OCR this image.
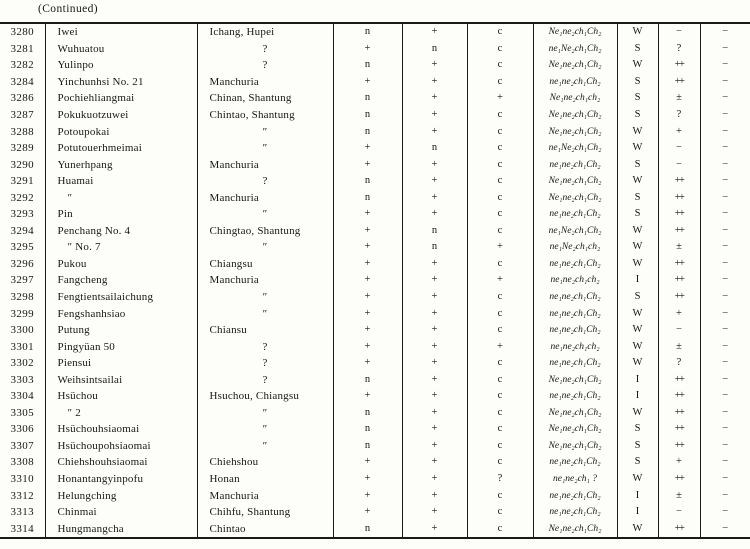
(Continued)
3280	Iwei	Ichang, Hupei	n	+	c	Ne₁ne₂ch₁Ch₂	W	−	−
3281	Wuhuatou	?	+	n	c	ne₁Ne₂ch₁Ch₂	S	?	−
3282	Yulinpo	?	n	+	c	Ne₁ne₂ch₁Ch₂	W	++	−
3284	Yinchunhsi No. 21	Manchuria	+	+	c	ne₁ne₂ch₁Ch₂	S	++	−
3286	Pochiehliangmai	Chinan, Shantung	n	+	+	Ne₁ne₂ch₁ch₂	S	±	−
3287	Pokukuotzuwei	Chintao, Shantung	n	+	c	Ne₁ne₂ch₁Ch₂	S	?	−
3288	Potoupokai	″	n	+	c	Ne₁ne₂ch₁Ch₂	W	+	−
3289	Potutouerhmeimai	″	+	n	c	ne₁Ne₂ch₁Ch₂	W	−	−
3290	Yunerhpang	Manchuria	+	+	c	ne₁ne₂ch₁Ch₂	S	−	−
3291	Huamai	?	n	+	c	Ne₁ne₂ch₁Ch₂	W	++	−
3292	″	Manchuria	n	+	c	Ne₁ne₂ch₁Ch₂	S	++	−
3293	Pin	″	+	+	c	ne₁ne₂ch₁Ch₂	S	++	−
3294	Penchang No. 4	Chingtao, Shantung	+	n	c	ne₁Ne₂ch₁Ch₂	W	++	−
3295	″ No. 7	″	+	n	+	ne₁Ne₂ch₁ch₂	W	±	−
3296	Pukou	Chiangsu	+	+	c	ne₁ne₂ch₁Ch₂	W	++	−
3297	Fangcheng	Manchuria	+	+	+	ne₁ne₂ch₁ch₂	I	++	−
3298	Fengtientsailaichung	″	+	+	c	ne₁ne₂ch₁Ch₂	S	++	−
3299	Fengshanhsiao	″	+	+	c	ne₁ne₂ch₁Ch₂	W	+	−
3300	Putung	Chiansu	+	+	c	ne₁ne₂ch₁Ch₂	W	−	−
3301	Pingyüan 50	?	+	+	+	ne₁ne₂ch₁ch₂	W	±	−
3302	Piensui	?	+	+	c	ne₁ne₂ch₁Ch₂	W	?	−
3303	Weihsintsailai	?	n	+	c	Ne₁ne₂ch₁Ch₂	I	++	−
3304	Hsüchou	Hsuchou, Chiangsu	+	+	c	ne₁ne₂ch₁Ch₂	I	++	−
3305	″ 2	″	n	+	c	Ne₁ne₂ch₁Ch₂	W	++	−
3306	Hsüchouhsiaomai	″	n	+	c	Ne₁ne₂ch₁Ch₂	S	++	−
3307	Hsüchoupohsiaomai	″	n	+	c	Ne₁ne₂ch₁Ch₂	S	++	−
3308	Chiehshouhsiaomai	Chiehshou	+	+	c	ne₁ne₂ch₁Ch₂	S	+	−
3310	Honantangyinpofu	Honan	+	+	?	ne₁ne₂ch₁ ?	W	++	−
3312	Helungching	Manchuria	+	+	c	ne₁ne₂ch₁Ch₂	I	±	−
3313	Chinmai	Chihfu, Shantung	+	+	c	ne₁ne₂ch₁Ch₂	I	−	−
3314	Hungmangcha	Chintao	n	+	c	Ne₁ne₂ch₁Ch₂	W	++	−
